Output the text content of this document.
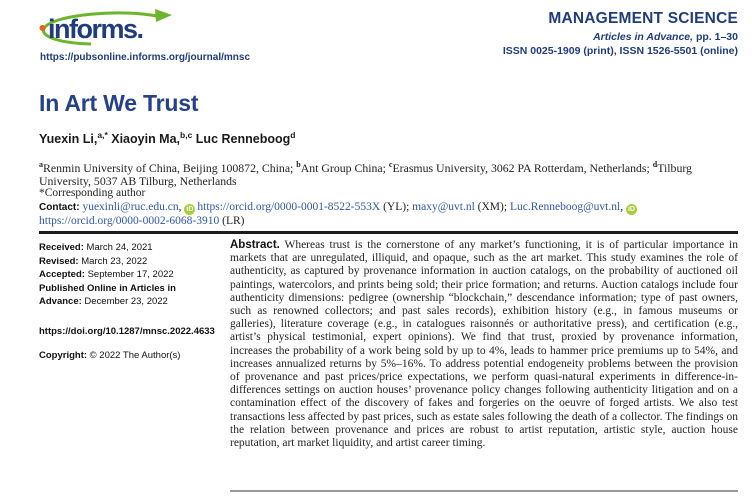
informs.
https://pubsonline.informs.org/journal/mnsc
MANAGEMENT SCIENCE
Articles in Advance, pp. 1–30
ISSN 0025-1909 (print), ISSN 1526-5501 (online)
In Art We Trust
Yuexin Li,$^{a,*}$ Xiaoyin Ma,$^{b,c}$ Luc Renneboog$^d$
$^a$Renmin University of China, Beijing 100872, China; $^b$Ant Group China; $^c$Erasmus University, 3062 PA Rotterdam, Netherlands; $^d$Tilburg University, 5037 AB Tilburg, Netherlands
*Corresponding author
Contact: yuexinli@ruc.edu.cn, iD https://orcid.org/0000-0001-8522-553X (YL); maxy@uvt.nl (XM); Luc.Renneboog@uvt.nl, iDhttps://orcid.org/0000-0002-6068-3910 (LR)
Received: March 24, 2021
Revised: March 23, 2022
Accepted: September 17, 2022
Published Online in Articles in Advance: December 23, 2022
https://doi.org/10.1287/mnsc.2022.4633
Copyright: © 2022 The Author(s)
Abstract. Whereas trust is the cornerstone of any market’s functioning, it is of particular importance in markets that are unregulated, illiquid, and opaque, such as the art market. This study examines the role of authenticity, as captured by provenance information in auction catalogs, on the probability of auctioned oil paintings, watercolors, and prints being sold; their price formation; and returns. Auction catalogs include four authenticity dimensions: pedigree (ownership “blockchain,” descendance information; type of past owners, such as renowned collectors; and past sales records), exhibition history (e.g., in famous museums or galleries), literature coverage (e.g., in catalogues raisonnés or authoritative press), and certification (e.g., artist’s physical testimonial, expert opinions). We find that trust, proxied by provenance information, increases the probability of a work being sold by up to 4%, leads to hammer price premiums up to 54%, and increases annualized returns by 5%–16%. To address potential endogeneity problems between the provision of provenance and past prices/price expectations, we perform quasi-natural experiments in difference-in-differences settings on auction houses’ provenance policy changes following authenticity litigation and on a contamination effect of the discovery of fakes and forgeries on the oeuvre of forged artists. We also test transactions less affected by past prices, such as estate sales following the death of a collector. The findings on the relation between provenance and prices are robust to artist reputation, artistic style, auction house reputation, art market liquidity, and artist career timing.
